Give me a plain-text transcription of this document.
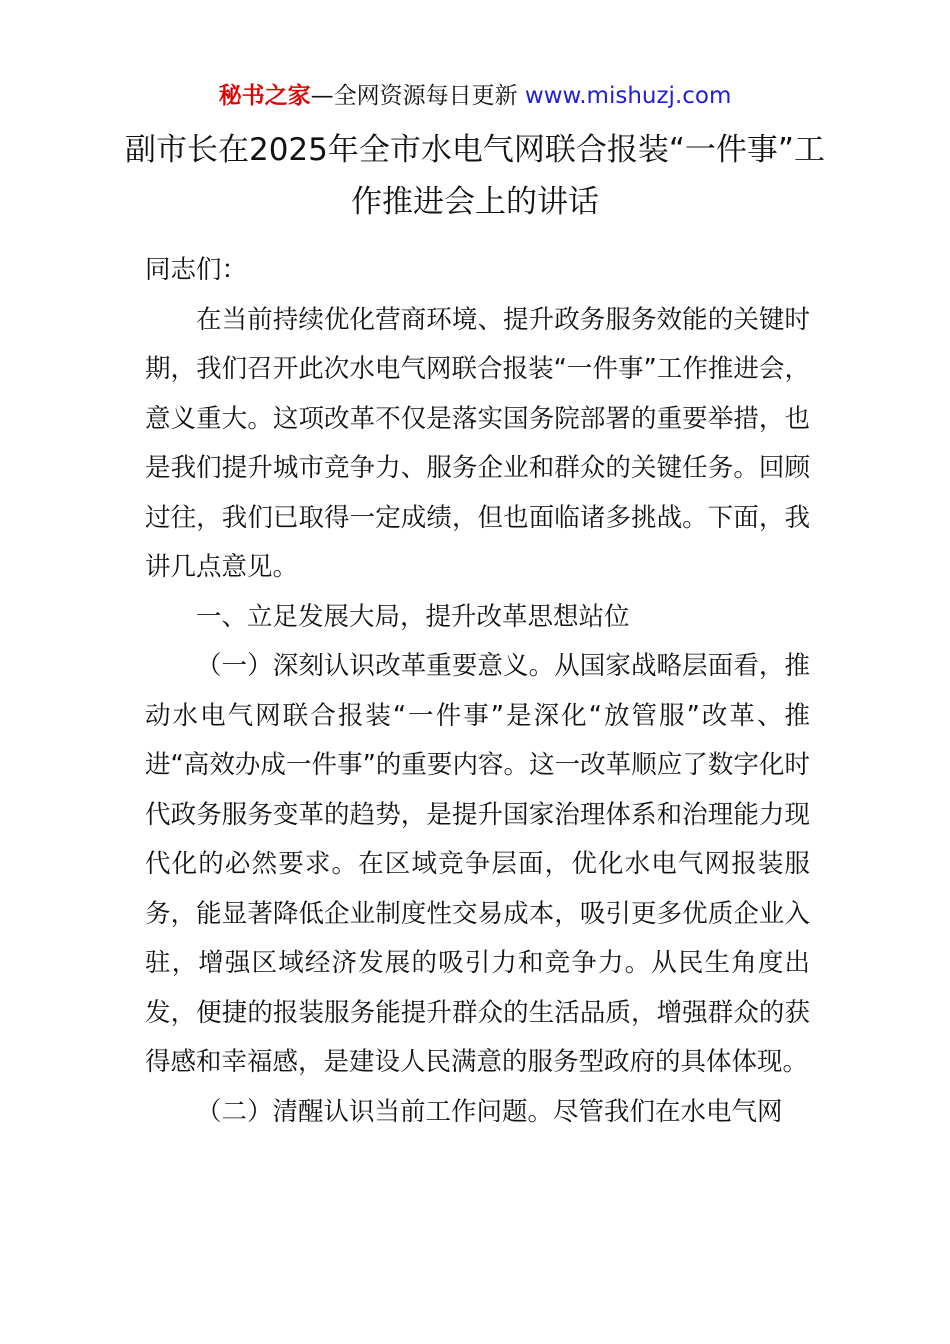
秘书之家—全网资源每日更新 www.mishuzj.com
副市长在2025年全市水电气网联合报装“一件事”工作推进会上的讲话

同志们：

在当前持续优化营商环境、提升政务服务效能的关键时期，我们召开此次水电气网联合报装“一件事”工作推进会，意义重大。这项改革不仅是落实国务院部署的重要举措，也是我们提升城市竞争力、服务企业和群众的关键任务。回顾过往，我们已取得一定成绩，但也面临诸多挑战。下面，我讲几点意见。

一、立足发展大局，提升改革思想站位

（一）深刻认识改革重要意义。从国家战略层面看，推动水电气网联合报装“一件事”是深化“放管服”改革、推进“高效办成一件事”的重要内容。这一改革顺应了数字化时代政务服务变革的趋势，是提升国家治理体系和治理能力现代化的必然要求。在区域竞争层面，优化水电气网报装服务，能显著降低企业制度性交易成本，吸引更多优质企业入驻，增强区域经济发展的吸引力和竞争力。从民生角度出发，便捷的报装服务能提升群众的生活品质，增强群众的获得感和幸福感，是建设人民满意的服务型政府的具体体现。

（二）清醒认识当前工作问题。尽管我们在水电气网
